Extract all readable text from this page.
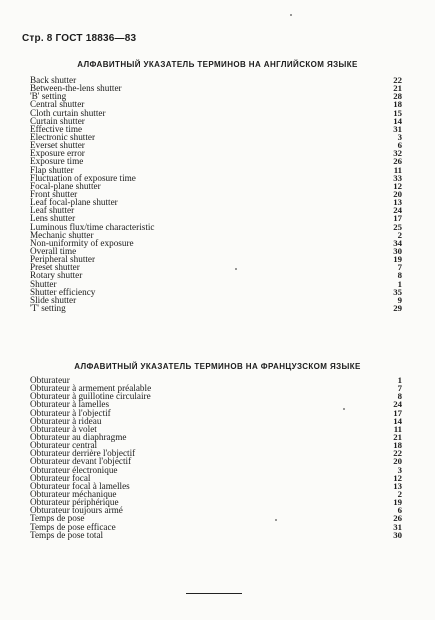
Стр. 8 ГОСТ 18836—83
АЛФАВИТНЫЙ УКАЗАТЕЛЬ ТЕРМИНОВ НА АНГЛИЙСКОМ ЯЗЫКЕ
Back shutter	22
Between-the-lens shutter	21
'B' setting	28
Central shutter	18
Cloth curtain shutter	15
Curtain shutter	14
Effective time	31
Electronic shutter	3
Everset shutter	6
Exposure error	32
Exposure time	26
Flap shutter	11
Fluctuation of exposure time	33
Focal-plane shutter	12
Front shutter	20
Leaf focal-plane shutter	13
Leaf shutter	24
Lens shutter	17
Luminous flux/time characteristic	25
Mechanic shutter	2
Non-uniformity of exposure	34
Overall time	30
Peripheral shutter	19
Preset shutter	7
Rotary shutter	8
Shutter	1
Shutter efficiency	35
Slide shutter	9
'T' setting	29
АЛФАВИТНЫЙ УКАЗАТЕЛЬ ТЕРМИНОВ НА ФРАНЦУЗСКОМ ЯЗЫКЕ
Obturateur	1
Obturateur à armement préalable	7
Obturateur à guillotine circulaire	8
Obturateur à lamelles	24
Obturateur à l'objectif	17
Obturateur à rideau	14
Obturateur à volet	11
Obturateur au diaphragme	21
Obturateur central	18
Obturateur derrière l'objectif	22
Obturateur devant l'objectif	20
Obturateur électronique	3
Obturateur focal	12
Obturateur focal à lamelles	13
Obturateur méchanique	2
Obturateur périphérique	19
Obturateur toujours armé	6
Temps de pose	26
Temps de pose efficace	31
Temps de pose total	30
